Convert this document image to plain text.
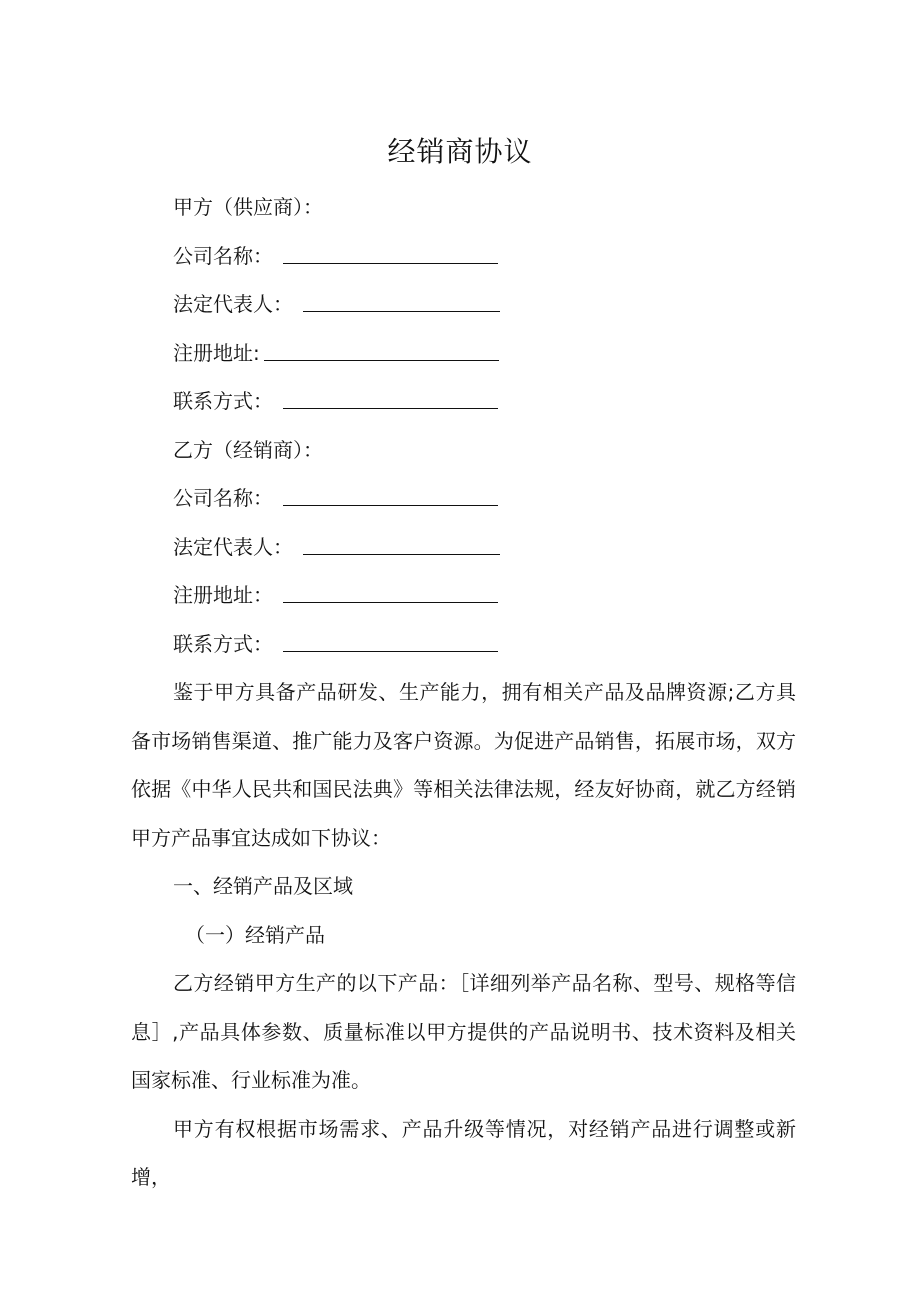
经销商协议
甲方（供应商）：
公司名称：
法定代表人：
注册地址:
联系方式：
乙方（经销商）：
公司名称：
法定代表人：
注册地址：
联系方式：

鉴于甲方具备产品研发、生产能力，拥有相关产品及品牌资源;乙方具备市场销售渠道、推广能力及客户资源。为促进产品销售，拓展市场，双方依据《中华人民共和国民法典》等相关法律法规，经友好协商，就乙方经销甲方产品事宜达成如下协议：

一、经销产品及区域
（一）经销产品

乙方经销甲方生产的以下产品：［详细列举产品名称、型号、规格等信息］,产品具体参数、质量标准以甲方提供的产品说明书、技术资料及相关国家标准、行业标准为准。

甲方有权根据市场需求、产品升级等情况，对经销产品进行调整或新增，
